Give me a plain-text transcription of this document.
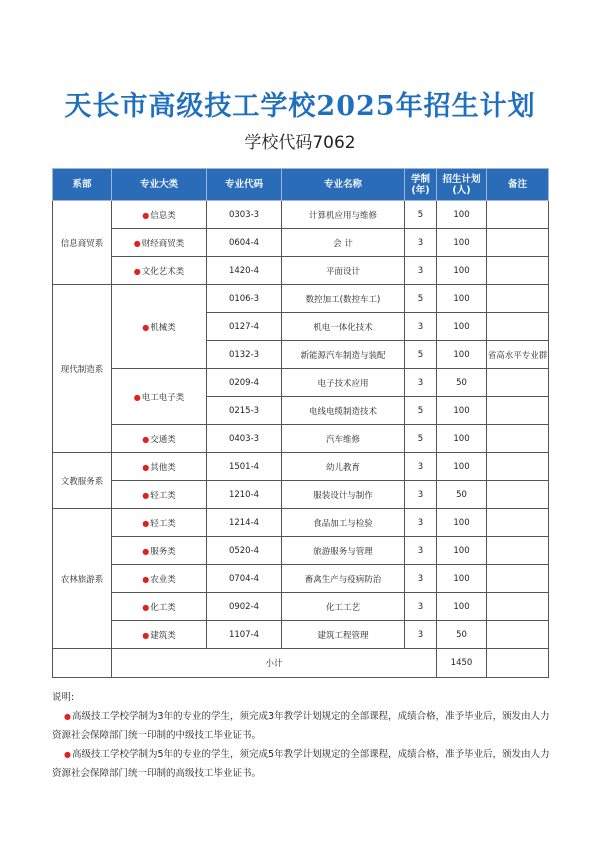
天长市高级技工学校2025年招生计划
学校代码7062
系部	专业大类	专业代码	专业名称	学制(年)	招生计划(人)	备注
信息商贸系	●信息类	0303-3	计算机应用与维修	5	100	
	●财经商贸类	0604-4	会 计	3	100	
	●文化艺术类	1420-4	平面设计	3	100	
现代制造系	●机械类	0106-3	数控加工(数控车工)	5	100	
		0127-4	机电一体化技术	3	100	
		0132-3	新能源汽车制造与装配	5	100	省高水平专业群
	●电工电子类	0209-4	电子技术应用	3	50	
		0215-3	电线电缆制造技术	5	100	
	●交通类	0403-3	汽车维修	5	100	
文教服务系	●其他类	1501-4	幼儿教育	3	100	
	●轻工类	1210-4	服装设计与制作	3	50	
农林旅游系	●轻工类	1214-4	食品加工与检验	3	100	
	●服务类	0520-4	旅游服务与管理	3	100	
	●农业类	0704-4	畜禽生产与疫病防治	3	100	
	●化工类	0902-4	化工工艺	3	100	
	●建筑类	1107-4	建筑工程管理	3	50	
	小计				1450	

说明:

●高级技工学校学制为3年的专业的学生，须完成3年教学计划规定的全部课程，成绩合格，准予毕业后，颁发由人力资源社会保障部门统一印制的中级技工毕业证书。

●高级技工学校学制为5年的专业的学生，须完成5年教学计划规定的全部课程，成绩合格，准予毕业后，颁发由人力资源社会保障部门统一印制的高级技工毕业证书。
